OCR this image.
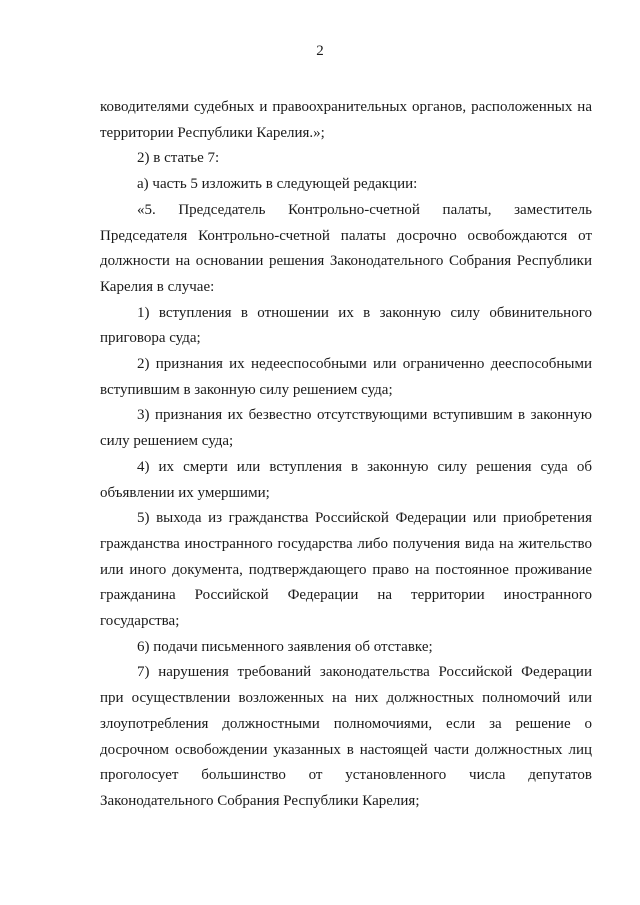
2

ководителями судебных и правоохранительных органов, расположенных на территории Республики Карелия.»;

2) в статье 7:

а) часть 5 изложить в следующей редакции:

«5. Председатель Контрольно-счетной палаты, заместитель Председателя Контрольно-счетной палаты досрочно освобождаются от должности на основании решения Законодательного Собрания Республики Карелия в случае:

1) вступления в отношении их в законную силу обвинительного приговора суда;

2) признания их недееспособными или ограниченно дееспособными вступившим в законную силу решением суда;

3) признания их безвестно отсутствующими вступившим в законную силу решением суда;

4) их смерти или вступления в законную силу решения суда об объявлении их умершими;

5) выхода из гражданства Российской Федерации или приобретения гражданства иностранного государства либо получения вида на жительство или иного документа, подтверждающего право на постоянное проживание гражданина Российской Федерации на территории иностранного государства;

6) подачи письменного заявления об отставке;

7) нарушения требований законодательства Российской Федерации при осуществлении возложенных на них должностных полномочий или злоупотребления должностными полномочиями, если за решение о досрочном освобождении указанных в настоящей части должностных лиц проголосует большинство от установленного числа депутатов Законодательного Собрания Республики Карелия;
